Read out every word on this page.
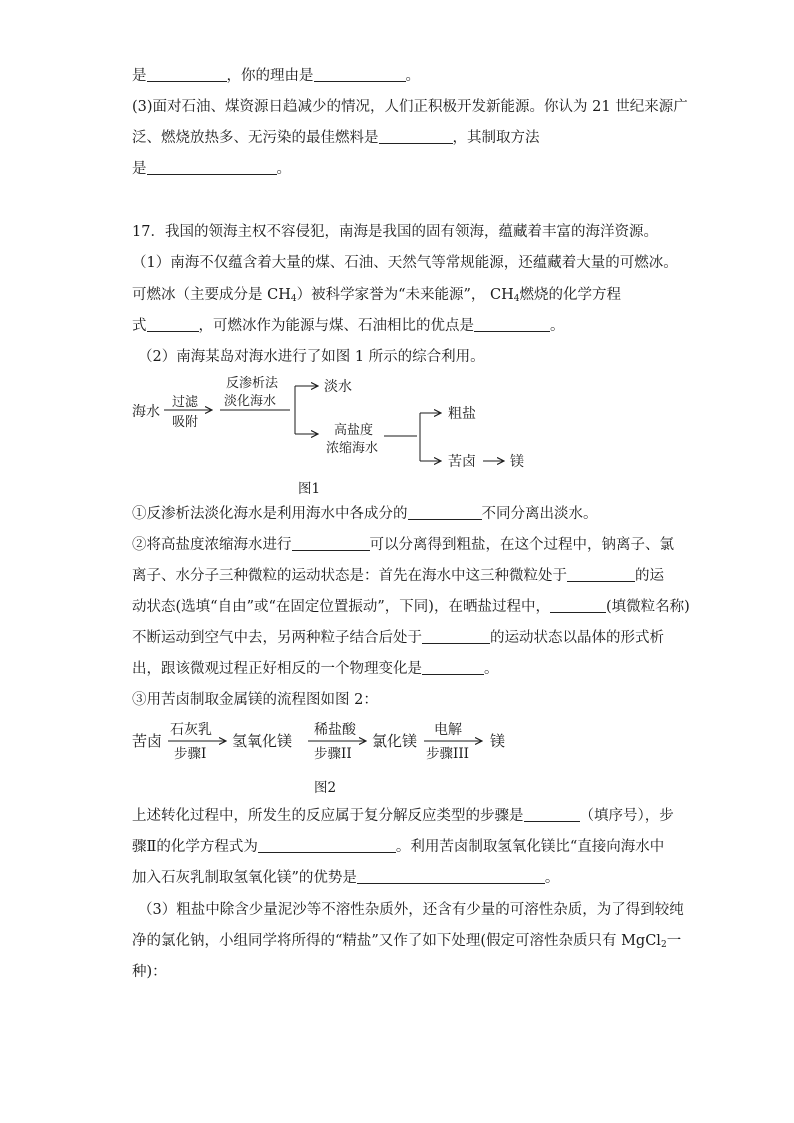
是	，你的理由是	。
(3)面对石油、煤资源日趋减少的情况，人们正积极开发新能源。你认为 21 世纪来源广
泛、燃烧放热多、无污染的最佳燃料是	，其制取方法
是	。
17．我国的领海主权不容侵犯，南海是我国的固有领海，蕴藏着丰富的海洋资源。
（1）南海不仅蕴含着大量的煤、石油、天然气等常规能源，还蕴藏着大量的可燃冰。
可燃冰（主要成分是 $CH_4$）被科学家誉为“未来能源”， $CH_4$燃烧的化学方程
式	，可燃冰作为能源与煤、石油相比的优点是	。
（2）南海某岛对海水进行了如图 1 所示的综合利用。
海水
过滤
吸附
反渗析法
淡化海水
淡水
高盐度
浓缩海水
粗盐
苦卤 镁
图1
①反渗析法淡化海水是利用海水中各成分的	不同分离出淡水。
②将高盐度浓缩海水进行	可以分离得到粗盐，在这个过程中，钠离子、氯
离子、水分子三种微粒的运动状态是：首先在海水中这三种微粒处于	的运
动状态(选填“自由”或“在固定位置振动”，下同)，在晒盐过程中，	(填微粒名称)
不断运动到空气中去，另两种粒子结合后处于	的运动状态以晶体的形式析
出，跟该微观过程正好相反的一个物理变化是	。
③用苦卤制取金属镁的流程图如图 2：
苦卤
石灰乳
步骤I
氢氧化镁
稀盐酸
步骤II
氯化镁
电解
步骤III
镁
图2
上述转化过程中，所发生的反应属于复分解反应类型的步骤是	（填序号），步
骤Ⅱ的化学方程式为	。利用苦卤制取氢氧化镁比“直接向海水中
加入石灰乳制取氢氧化镁”的优势是	。
（3）粗盐中除含少量泥沙等不溶性杂质外，还含有少量的可溶性杂质，为了得到较纯
净的氯化钠，小组同学将所得的“精盐”又作了如下处理(假定可溶性杂质只有 MgCl$_2$一
种)：
